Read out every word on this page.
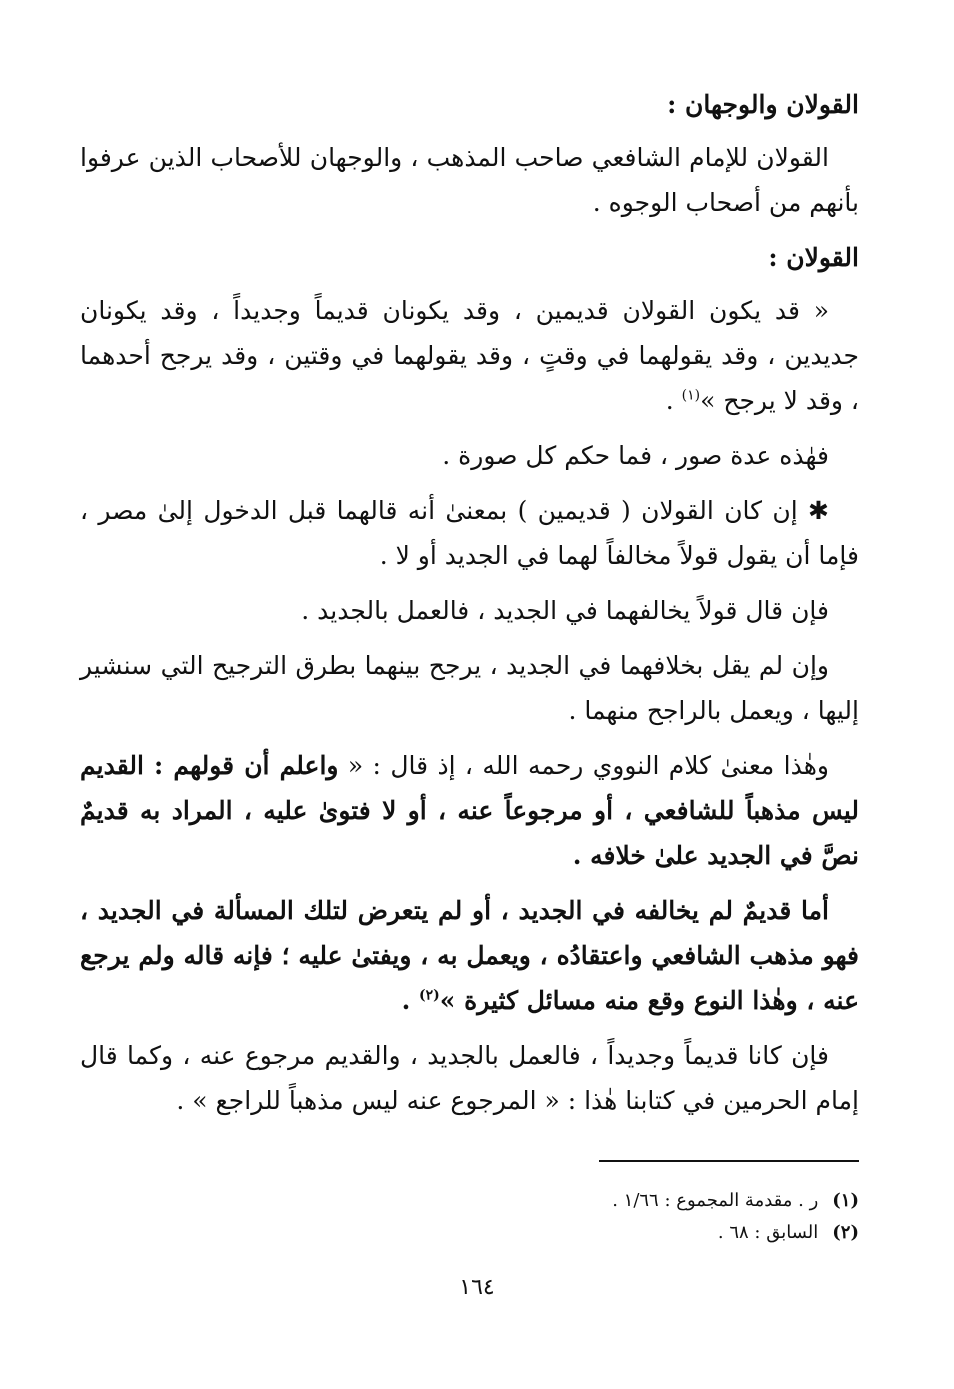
القولان والوجهان :

القولان للإمام الشافعي صاحب المذهب ، والوجهان للأصحاب الذين عرفوا بأنهم من أصحاب الوجوه .

القولان :

« قد يكون القولان قديمين ، وقد يكونان قديماً وجديداً ، وقد يكونان جديدين ، وقد يقولهما في وقتٍ ، وقد يقولهما في وقتين ، وقد يرجح أحدهما ، وقد لا يرجح »$^{(١)}$ .

فهٰذه عدة صور ، فما حكم كل صورة .

✱ إن كان القولان ( قديمين ) بمعنىٰ أنه قالهما قبل الدخول إلىٰ مصر ، فإما أن يقول قولاً مخالفاً لهما في الجديد أو لا .

فإن قال قولاً يخالفهما في الجديد ، فالعمل بالجديد .

وإن لم يقل بخلافهما في الجديد ، يرجح بينهما بطرق الترجيح التي سنشير إليها ، ويعمل بالراجح منهما .

وهٰذا معنىٰ كلام النووي رحمه الله ، إذ قال : « واعلم أن قولهم : القديم ليس مذهباً للشافعي ، أو مرجوعاً عنه ، أو لا فتوىٰ عليه ، المراد به قديمٌ نصَّ في الجديد علىٰ خلافه .

أما قديمٌ لم يخالفه في الجديد ، أو لم يتعرض لتلك المسألة في الجديد ، فهو مذهب الشافعي واعتقادُه ، ويعمل به ، ويفتىٰ عليه ؛ فإنه قاله ولم يرجع عنه ، وهٰذا النوع وقع منه مسائل كثيرة »$^{(٢)}$ .

فإن كانا قديماً وجديداً ، فالعمل بالجديد ، والقديم مرجوع عنه ، وكما قال إمام الحرمين في كتابنا هٰذا : « المرجوع عنه ليس مذهباً للراجع » .

(١)ر . مقدمة المجموع : ١/٦٦ .

(٢)السابق : ٦٨ .

١٦٤
